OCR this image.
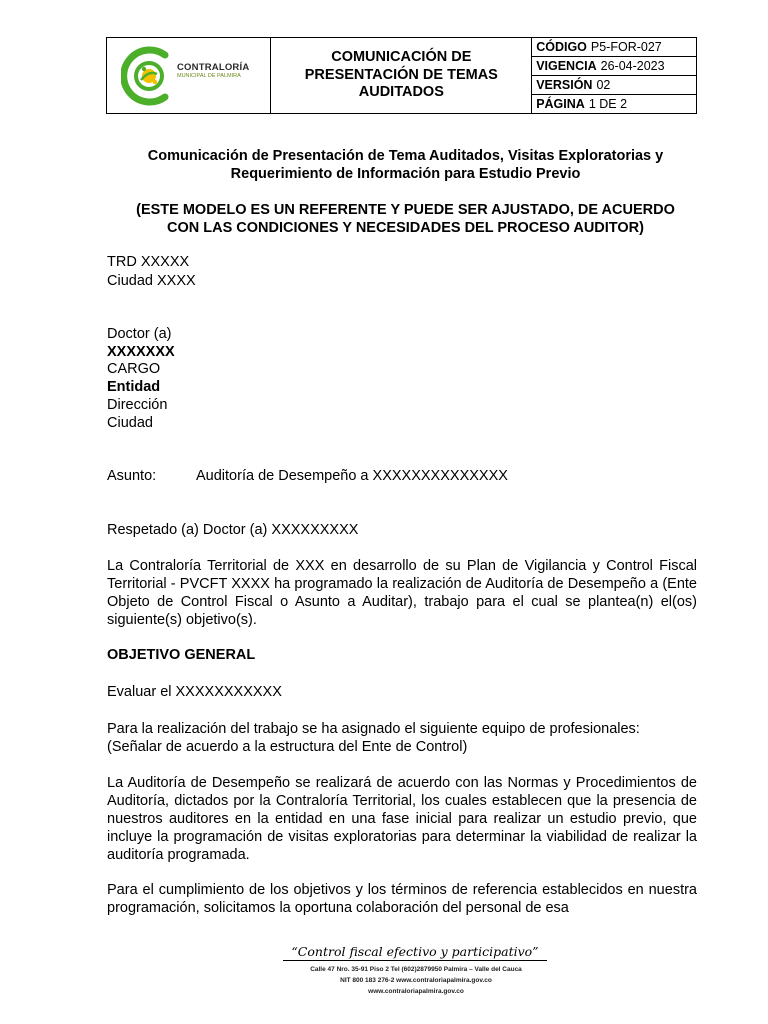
CONTRALORÍA
MUNICIPAL DE PALMIRA

COMUNICACIÓN DE
PRESENTACIÓN DE TEMAS
AUDITADOS
	CÓDIGO P5-FOR-027
VIGENCIA 26-04-2023
VERSIÓN 02
PÁGINA 1 DE 2
Comunicación de Presentación de Tema Auditados, Visitas Exploratorias y
Requerimiento de Información para Estudio Previo
(ESTE MODELO ES UN REFERENTE Y PUEDE SER AJUSTADO, DE ACUERDO
CON LAS CONDICIONES Y NECESIDADES DEL PROCESO AUDITOR)
TRD XXXXX
Ciudad XXXX
Doctor (a)
XXXXXXX
CARGO
Entidad
Dirección
Ciudad
Asunto:	Auditoría de Desempeño a XXXXXXXXXXXXXX
Respetado (a) Doctor (a) XXXXXXXXX
La Contraloría Territorial de XXX en desarrollo de su Plan de Vigilancia y Control Fiscal Territorial - PVCFT XXXX ha programado la realización de Auditoría de Desempeño a (Ente Objeto de Control Fiscal o Asunto a Auditar), trabajo para el cual se plantea(n) el(os) siguiente(s) objetivo(s).
OBJETIVO GENERAL
Evaluar el XXXXXXXXXXX
Para la realización del trabajo se ha asignado el siguiente equipo de profesionales:
(Señalar de acuerdo a la estructura del Ente de Control)
La Auditoría de Desempeño se realizará de acuerdo con las Normas y Procedimientos de Auditoría, dictados por la Contraloría Territorial, los cuales establecen que la presencia de nuestros auditores en la entidad en una fase inicial para realizar un estudio previo, que incluye la programación de visitas exploratorias para determinar la viabilidad de realizar la auditoría programada.
Para el cumplimiento de los objetivos y los términos de referencia establecidos en nuestra programación, solicitamos la oportuna colaboración del personal de esa
“Control fiscal efectivo y participativo”
Calle 47 Nro. 35-91 Piso 2 Tel (602)2879950 Palmira – Valle del Cauca
NIT 800 183 276-2 www.contraloriapalmira.gov.co
www.contraloriapalmira.gov.co
